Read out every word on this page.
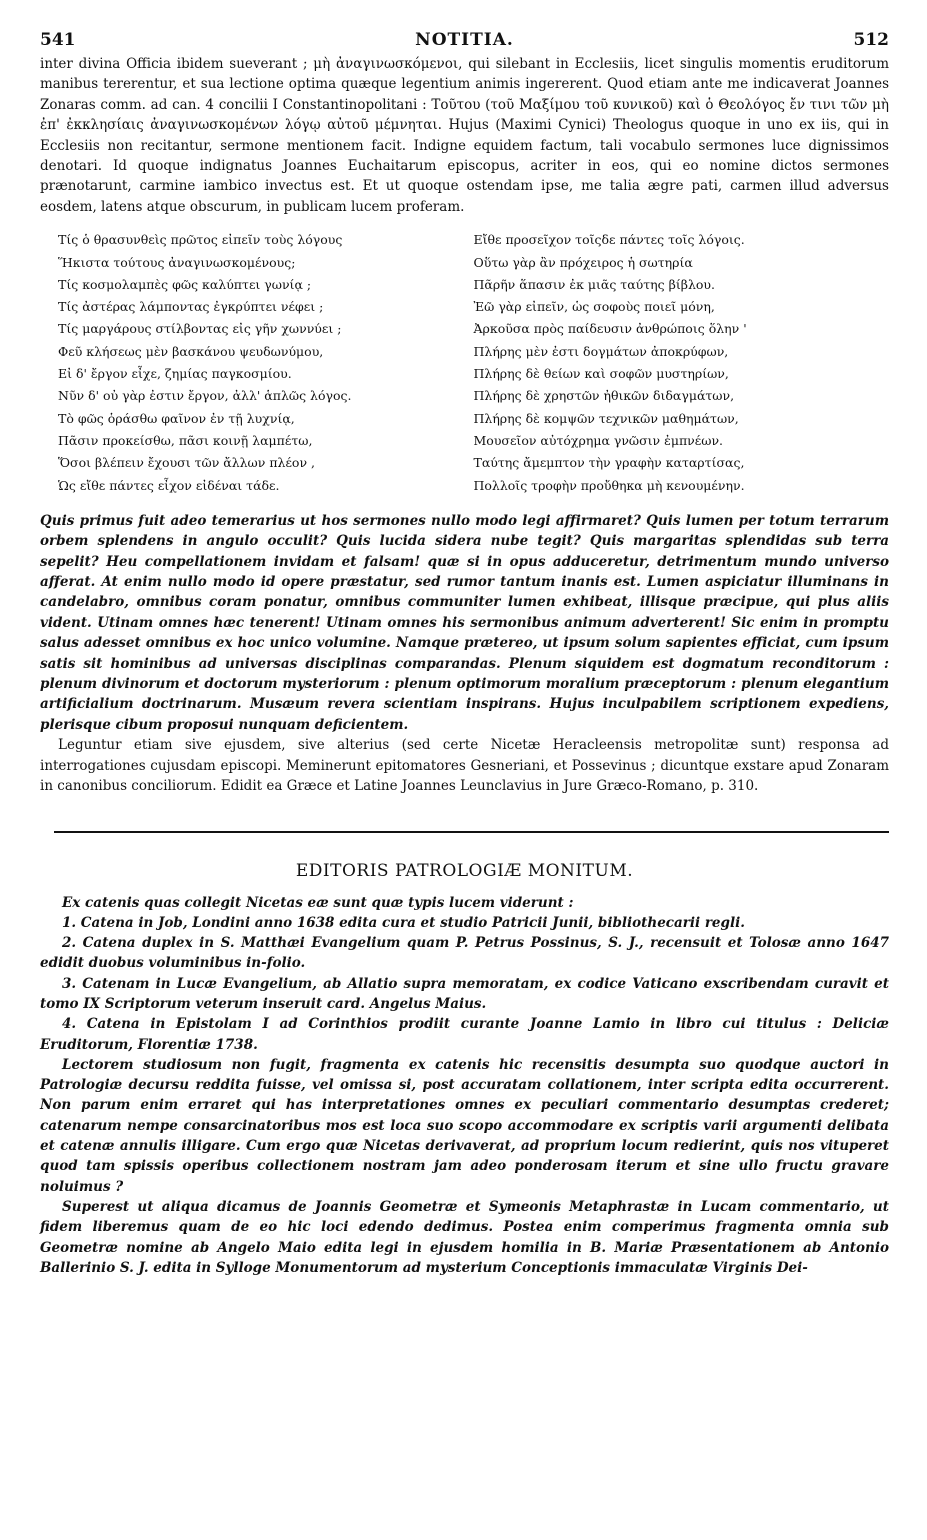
541	NOTITIA.	512

inter divina Officia ibidem sueverant ; μὴ ἀναγινωσκόμενοι, qui silebant in Ecclesiis, licet singulis momentis eruditorum manibus tererentur, et sua lectione optima quæque legentium animis ingererent. Quod etiam ante me indicaverat Joannes Zonaras comm. ad can. 4 concilii I Constantinopolitani : Τοῦτου (τοῦ Μαξίμου τοῦ κυνικοῦ) καὶ ὁ Θεολόγος ἔν τινι τῶν μὴ ἐπ' ἐκκλησίαις ἀναγινωσκομένων λόγῳ αὐτοῦ μέμνηται. Hujus (Maximi Cynici) Theologus quoque in uno ex iis, qui in Ecclesiis non recitantur, sermone mentionem facit. Indigne equidem factum, tali vocabulo sermones luce dignissimos denotari. Id quoque indignatus Joannes Euchaitarum episcopus, acriter in eos, qui eo nomine dictos sermones prænotarunt, carmine iambico invectus est. Et ut quoque ostendam ipse, me talia ægre pati, carmen illud adversus eosdem, latens atque obscurum, in publicam lucem proferam.

Τίς ὁ θρασυνθεὶς πρῶτος εἰπεῖν τοὺς λόγους
Ἥκιστα τούτους ἀναγινωσκομένους;
Τίς κοσμολαμπὲς φῶς καλύπτει γωνίᾳ ;
Τίς ἀστέρας λάμποντας ἐγκρύπτει νέφει ;
Τίς μαργάρους στίλβοντας εἰς γῆν χωννύει ;
Φεῦ κλήσεως μὲν βασκάνου ψευδωνύμου,
Εἰ δ' ἔργον εἶχε, ζημίας παγκοσμίου.
Νῦν δ' οὐ γὰρ ἐστιν ἔργον, ἀλλ' ἁπλῶς λόγος.
Τὸ φῶς ὁράσθω φαῖνον ἐν τῇ λυχνίᾳ,
Πᾶσιν προκείσθω, πᾶσι κοινῇ λαμπέτω,
Ὅσοι βλέπειν ἔχουσι τῶν ἄλλων πλέον ,
Ὡς εἴθε πάντες εἶχον εἰδέναι τάδε.
Εἴθε προσεῖχον τοῖςδε πάντες τοῖς λόγοις.
Οὕτω γὰρ ἂν πρόχειρος ἡ σωτηρία
Πᾶρῆν ἅπασιν ἐκ μιᾶς ταύτης βίβλου.
Ἐῶ γὰρ εἰπεῖν, ὡς σοφοὺς ποιεῖ μόνη,
Ἀρκοῦσα πρὸς παίδευσιν ἀνθρώποις ὅλην '
Πλήρης μὲν ἐστι δογμάτων ἀποκρύφων,
Πλήρης δὲ θείων καὶ σοφῶν μυστηρίων,
Πλήρης δὲ χρηστῶν ἠθικῶν διδαγμάτων,
Πλήρης δὲ κομψῶν τεχνικῶν μαθημάτων,
Μουσεῖον αὐτόχρημα γνῶσιν ἐμπνέων.
Ταύτης ἄμεμπτον τὴν γραφὴν καταρτίσας,
Πολλοῖς τροφὴν προὔθηκα μὴ κενουμένην.

Quis primus fuit adeo temerarius ut hos sermones nullo modo legi affirmaret? Quis lumen per totum terrarum orbem splendens in angulo occulit? Quis lucida sidera nube tegit? Quis margaritas splendidas sub terra sepelit? Heu compellationem invidam et falsam! quæ si in opus adduceretur, detrimentum mundo universo afferat. At enim nullo modo id opere præstatur, sed rumor tantum inanis est. Lumen aspiciatur illuminans in candelabro, omnibus coram ponatur, omnibus communiter lumen exhibeat, illisque præcipue, qui plus aliis vident. Utinam omnes hæc tenerent! Utinam omnes his sermonibus animum adverterent! Sic enim in promptu salus adesset omnibus ex hoc unico volumine. Namque prætereo, ut ipsum solum sapientes efficiat, cum ipsum satis sit hominibus ad universas disciplinas comparandas. Plenum siquidem est dogmatum reconditorum : plenum divinorum et doctorum mysteriorum : plenum optimorum moralium præceptorum : plenum elegantium artificialium doctrinarum. Musæum revera scientiam inspirans. Hujus inculpabilem scriptionem expediens, plerisque cibum proposui nunquam deficientem.

Leguntur etiam sive ejusdem, sive alterius (sed certe Nicetæ Heracleensis metropolitæ sunt) responsa ad interrogationes cujusdam episcopi. Meminerunt epitomatores Gesneriani, et Possevinus ; dicuntque exstare apud Zonaram in canonibus conciliorum. Edidit ea Græce et Latine Joannes Leunclavius in Jure Græco-Romano, p. 310.

EDITORIS PATROLOGIÆ MONITUM.

Ex catenis quas collegit Nicetas eæ sunt quæ typis lucem viderunt :

1. Catena in Job, Londini anno 1638 edita cura et studio Patricii Junii, bibliothecarii regli.

2. Catena duplex in S. Matthæi Evangelium quam P. Petrus Possinus, S. J., recensuit et Tolosæ anno 1647 edidit duobus voluminibus in-folio.

3. Catenam in Lucæ Evangelium, ab Allatio supra memoratam, ex codice Vaticano exscribendam curavit et tomo IX Scriptorum veterum inseruit card. Angelus Maius.

4. Catena in Epistolam I ad Corinthios prodiit curante Joanne Lamio in libro cui titulus : Deliciæ Eruditorum, Florentiæ 1738.

Lectorem studiosum non fugit, fragmenta ex catenis hic recensitis desumpta suo quodque auctori in Patrologiæ decursu reddita fuisse, vel omissa si, post accuratam collationem, inter scripta edita occurrerent. Non parum enim erraret qui has interpretationes omnes ex peculiari commentario desumptas crederet; catenarum nempe consarcinatoribus mos est loca suo scopo accommodare ex scriptis varii argumenti delibata et catenæ annulis illigare. Cum ergo quæ Nicetas derivaverat, ad proprium locum redierint, quis nos vituperet quod tam spissis operibus collectionem nostram jam adeo ponderosam iterum et sine ullo fructu gravare noluimus ?

Superest ut aliqua dicamus de Joannis Geometræ et Symeonis Metaphrastæ in Lucam commentario, ut fidem liberemus quam de eo hic loci edendo dedimus. Postea enim comperimus fragmenta omnia sub Geometræ nomine ab Angelo Maio edita legi in ejusdem homilia in B. Mariæ Præsentationem ab Antonio Ballerinio S. J. edita in Sylloge Monumentorum ad mysterium Conceptionis immaculatæ Virginis Dei-
